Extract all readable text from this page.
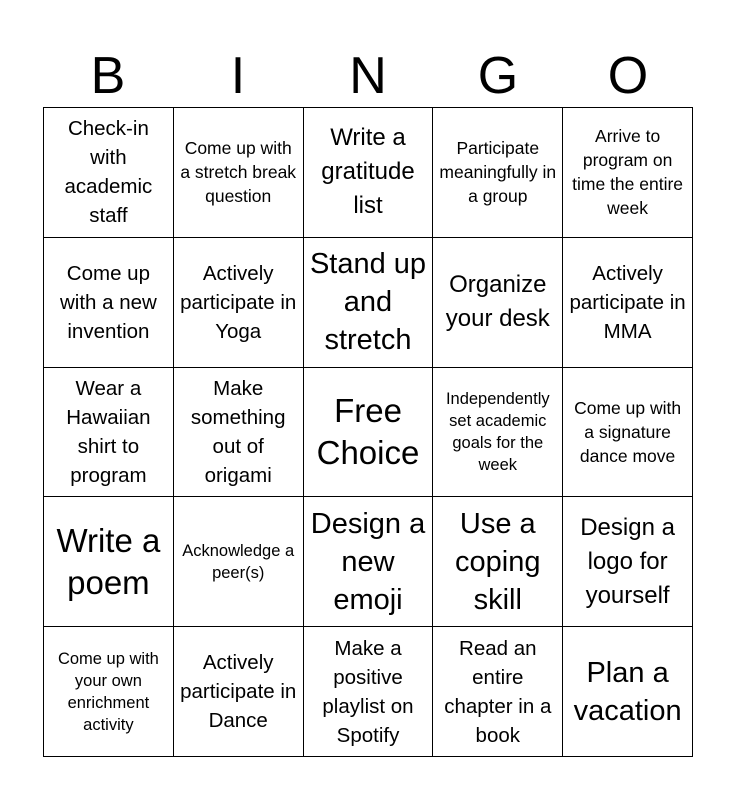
B	I	N	G	O
Check-in with academic staff
Come up with a stretch break question
Write a gratitude list
Participate meaningfully in a group
Arrive to program on time the entire week
Come up with a new invention
Actively participate in Yoga
Stand up and stretch
Organize your desk
Actively participate in MMA
Wear a Hawaiian shirt to program
Make something out of origami
Free Choice
Independently set academic goals for the week
Come up with a signature dance move
Write a poem
Acknowledge a peer(s)
Design a new emoji
Use a coping skill
Design a logo for yourself
Come up with your own enrichment activity
Actively participate in Dance
Make a positive playlist on Spotify
Read an entire chapter in a book
Plan a vacation
